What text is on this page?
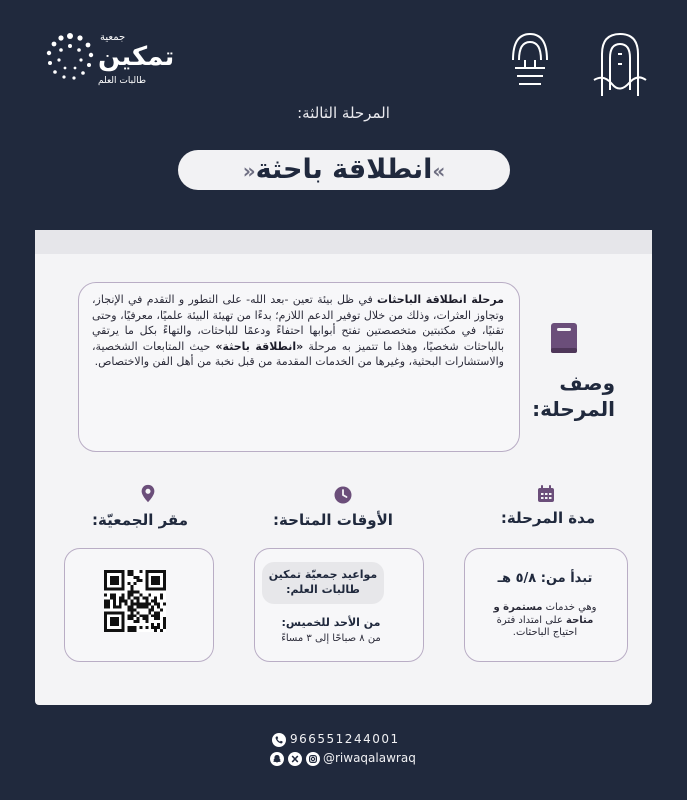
جمعية
تمكين
طالبات العلم
المرحلة الثالثة:
»انطلاقة باحثة«
مرحلة انطلاقة الباحثات في ظل بيئة تعين -بعد الله- على التطور و التقدم في الإنجاز، وتجاوز العثرات، وذلك من خلال توفير الدعم اللازم؛ بدءًا من تهيئة البيئة علميًا، معرفيًا، وحتى تقنيًا، في مكتبتين متخصصتين تفتح أبوابها احتفاءً ودعمًا للباحثات، والتهاءً بكل ما يرتقي بالباحثات شخصيًا، وهذا ما تتميز به مرحلة «انطلاقة باحثة» حيث المتابعات الشخصية، والاستشارات البحثية، وغيرها من الخدمات المقدمة من قبل نخبة من أهل الفن والاختصاص.
وصف
المرحلة:
مدة المرحلة:
الأوقات المتاحة:
مقر الجمعيّة:
تبدأ من: ٥/٨ هـ
وهي خدمات مستمرة و
متاحة على امتداد فترة
احتياج الباحثات.
مواعيد جمعيّة تمكين
طالبات العلم:
من الأحد للخميس:
من ٨ صباحًا إلى ٣ مساءً
966551244001
@riwaqalawraq
